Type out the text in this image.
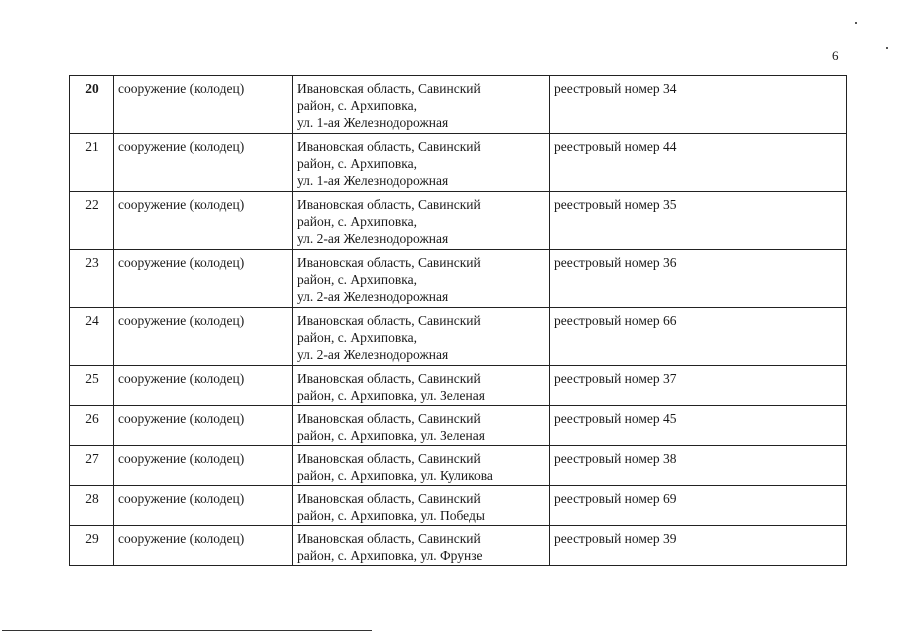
6
20	сооружение (колодец)	Ивановская область, Савинский
район, с. Архиповка,
ул. 1-ая Железнодорожная	реестровый номер 34
21	сооружение (колодец)	Ивановская область, Савинский
район, с. Архиповка,
ул. 1-ая Железнодорожная	реестровый номер 44
22	сооружение (колодец)	Ивановская область, Савинский
район, с. Архиповка,
ул. 2-ая Железнодорожная	реестровый номер 35
23	сооружение (колодец)	Ивановская область, Савинский
район, с. Архиповка,
ул. 2-ая Железнодорожная	реестровый номер 36
24	сооружение (колодец)	Ивановская область, Савинский
район, с. Архиповка,
ул. 2-ая Железнодорожная	реестровый номер 66
25	сооружение (колодец)	Ивановская область, Савинский
район, с. Архиповка, ул. Зеленая	реестровый номер 37
26	сооружение (колодец)	Ивановская область, Савинский
район, с. Архиповка, ул. Зеленая	реестровый номер 45
27	сооружение (колодец)	Ивановская область, Савинский
район, с. Архиповка, ул. Куликова	реестровый номер 38
28	сооружение (колодец)	Ивановская область, Савинский
район, с. Архиповка, ул. Победы	реестровый номер 69
29	сооружение (колодец)	Ивановская область, Савинский
район, с. Архиповка, ул. Фрунзе	реестровый номер 39
